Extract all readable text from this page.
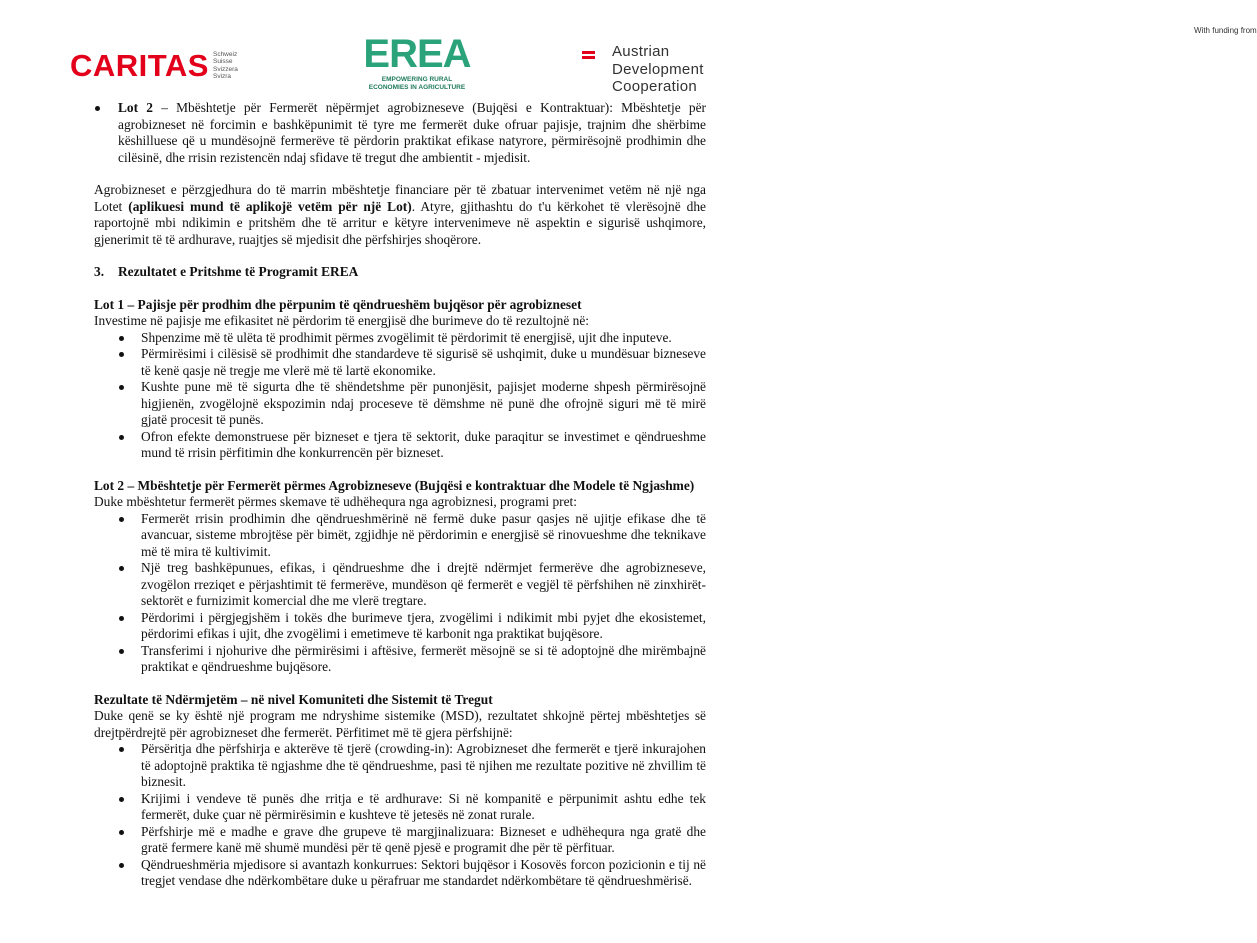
CARITAS Schweiz
Suisse
Svizzera
Svizra
EREA
EMPOWERING RURAL
ECONOMIES IN AGRICULTURE
With funding from
Austrian
Development
Cooperation
Lot 2 – Mbështetje për Fermerët nëpërmjet agrobizneseve (Bujqësi e Kontraktuar): Mbështetje për agrobizneset në forcimin e bashkëpunimit të tyre me fermerët duke ofruar pajisje, trajnim dhe shërbime këshilluese që u mundësojnë fermerëve të përdorin praktikat efikase natyrore, përmirësojnë prodhimin dhe cilësinë, dhe rrisin rezistencën ndaj sfidave të tregut dhe ambientit - mjedisit.

Agrobizneset e përzgjedhura do të marrin mbështetje financiare për të zbatuar intervenimet vetëm në një nga Lotet (aplikuesi mund të aplikojë vetëm për një Lot). Atyre, gjithashtu do t'u kërkohet të vlerësojnë dhe raportojnë mbi ndikimin e pritshëm dhe të arritur e këtyre intervenimeve në aspektin e sigurisë ushqimore, gjenerimit të të ardhurave, ruajtjes së mjedisit dhe përfshirjes shoqërore.

3. Rezultatet e Pritshme të Programit EREA

Lot 1 – Pajisje për prodhim dhe përpunim të qëndrueshëm bujqësor për agrobizneset

Investime në pajisje me efikasitet në përdorim të energjisë dhe burimeve do të rezultojnë në:

Shpenzime më të ulëta të prodhimit përmes zvogëlimit të përdorimit të energjisë, ujit dhe inputeve.
Përmirësimi i cilësisë së prodhimit dhe standardeve të sigurisë së ushqimit, duke u mundësuar bizneseve të kenë qasje në tregje me vlerë më të lartë ekonomike.
Kushte pune më të sigurta dhe të shëndetshme për punonjësit, pajisjet moderne shpesh përmirësojnë higjienën, zvogëlojnë ekspozimin ndaj proceseve të dëmshme në punë dhe ofrojnë siguri më të mirë gjatë procesit të punës.
Ofron efekte demonstruese për bizneset e tjera të sektorit, duke paraqitur se investimet e qëndrueshme mund të rrisin përfitimin dhe konkurrencën për bizneset.

Lot 2 – Mbështetje për Fermerët përmes Agrobizneseve (Bujqësi e kontraktuar dhe Modele të Ngjashme)

Duke mbështetur fermerët përmes skemave të udhëhequra nga agrobiznesi, programi pret:

Fermerët rrisin prodhimin dhe qëndrueshmërinë në fermë duke pasur qasjes në ujitje efikase dhe të avancuar, sisteme mbrojtëse për bimët, zgjidhje në përdorimin e energjisë së rinovueshme dhe teknikave më të mira të kultivimit.
Një treg bashkëpunues, efikas, i qëndrueshme dhe i drejtë ndërmjet fermerëve dhe agrobizneseve, zvogëlon rreziqet e përjashtimit të fermerëve, mundëson që fermerët e vegjël të përfshihen në zinxhirët-sektorët e furnizimit komercial dhe me vlerë tregtare.
Përdorimi i përgjegjshëm i tokës dhe burimeve tjera, zvogëlimi i ndikimit mbi pyjet dhe ekosistemet, përdorimi efikas i ujit, dhe zvogëlimi i emetimeve të karbonit nga praktikat bujqësore.
Transferimi i njohurive dhe përmirësimi i aftësive, fermerët mësojnë se si të adoptojnë dhe mirëmbajnë praktikat e qëndrueshme bujqësore.

Rezultate të Ndërmjetëm – në nivel Komuniteti dhe Sistemit të Tregut

Duke qenë se ky është një program me ndryshime sistemike (MSD), rezultatet shkojnë përtej mbështetjes së drejtpërdrejtë për agrobizneset dhe fermerët. Përfitimet më të gjera përfshijnë:

Përsëritja dhe përfshirja e akterëve të tjerë (crowding-in): Agrobizneset dhe fermerët e tjerë inkurajohen të adoptojnë praktika të ngjashme dhe të qëndrueshme, pasi të njihen me rezultate pozitive në zhvillim të biznesit.
Krijimi i vendeve të punës dhe rritja e të ardhurave: Si në kompanitë e përpunimit ashtu edhe tek fermerët, duke çuar në përmirësimin e kushteve të jetesës në zonat rurale.
Përfshirje më e madhe e grave dhe grupeve të margjinalizuara: Bizneset e udhëhequra nga gratë dhe gratë fermere kanë më shumë mundësi për të qenë pjesë e programit dhe për të përfituar.
Qëndrueshmëria mjedisore si avantazh konkurrues: Sektori bujqësor i Kosovës forcon pozicionin e tij në tregjet vendase dhe ndërkombëtare duke u përafruar me standardet ndërkombëtare të qëndrueshmërisë.
